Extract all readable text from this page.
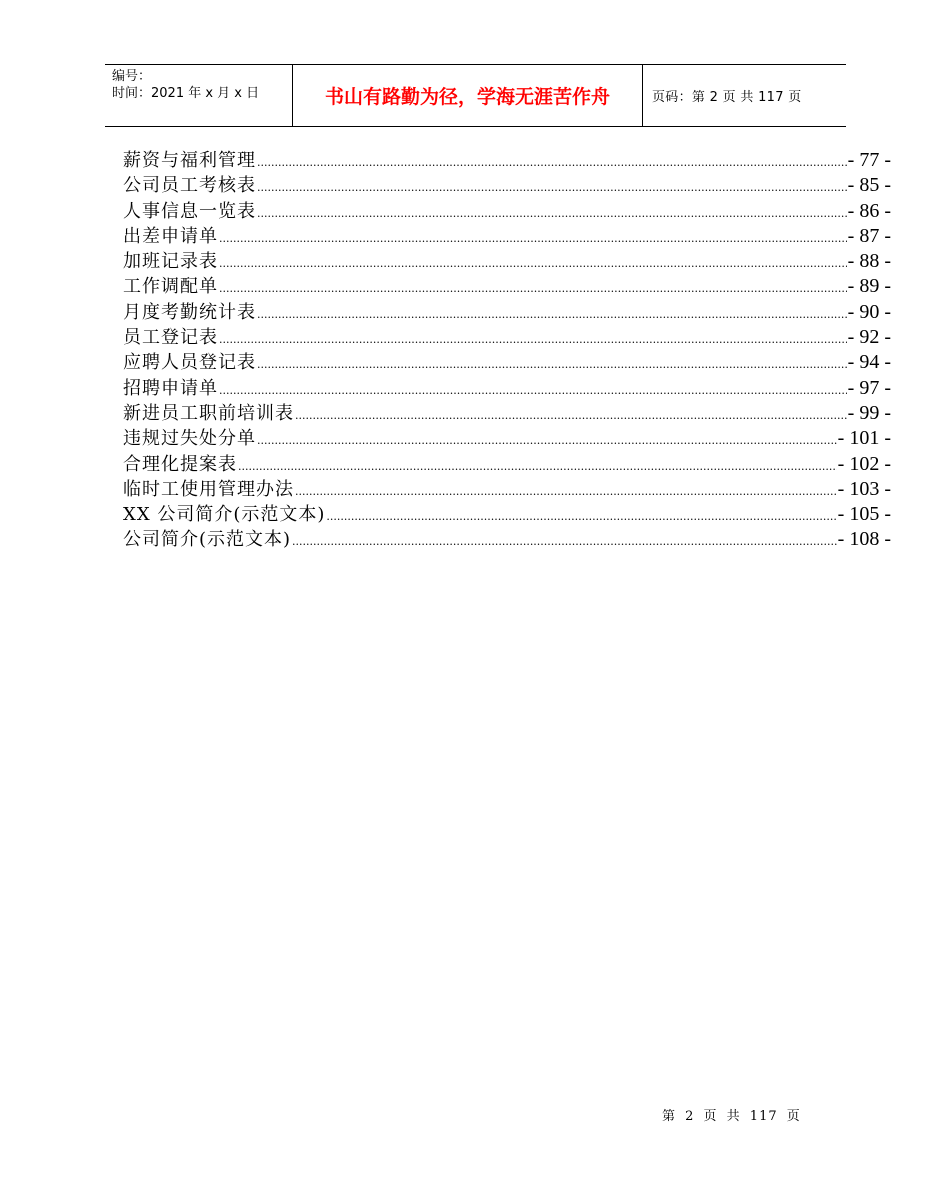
编号：
时间：2021 年 x 月 x 日	书山有路勤为径，学海无涯苦作舟	页码：第 2 页 共 117 页
薪资与福利管理 .....	- 77 -
公司员工考核表 .....	- 85 -
人事信息一览表 .....	- 86 -
出差申请单 .....	- 87 -
加班记录表 .....	- 88 -
工作调配单 .....	- 89 -
月度考勤统计表 .....	- 90 -
员工登记表 .....	- 92 -
应聘人员登记表 .....	- 94 -
招聘申请单 .....	- 97 -
新进员工职前培训表 .....	- 99 -
违规过失处分单 .....	- 101 -
合理化提案表 .....	- 102 -
临时工使用管理办法 .....	- 103 -
XX 公司简介(示范文本) .....	- 105 -
公司简介(示范文本) .....	- 108 -
第 2 页 共 117 页
